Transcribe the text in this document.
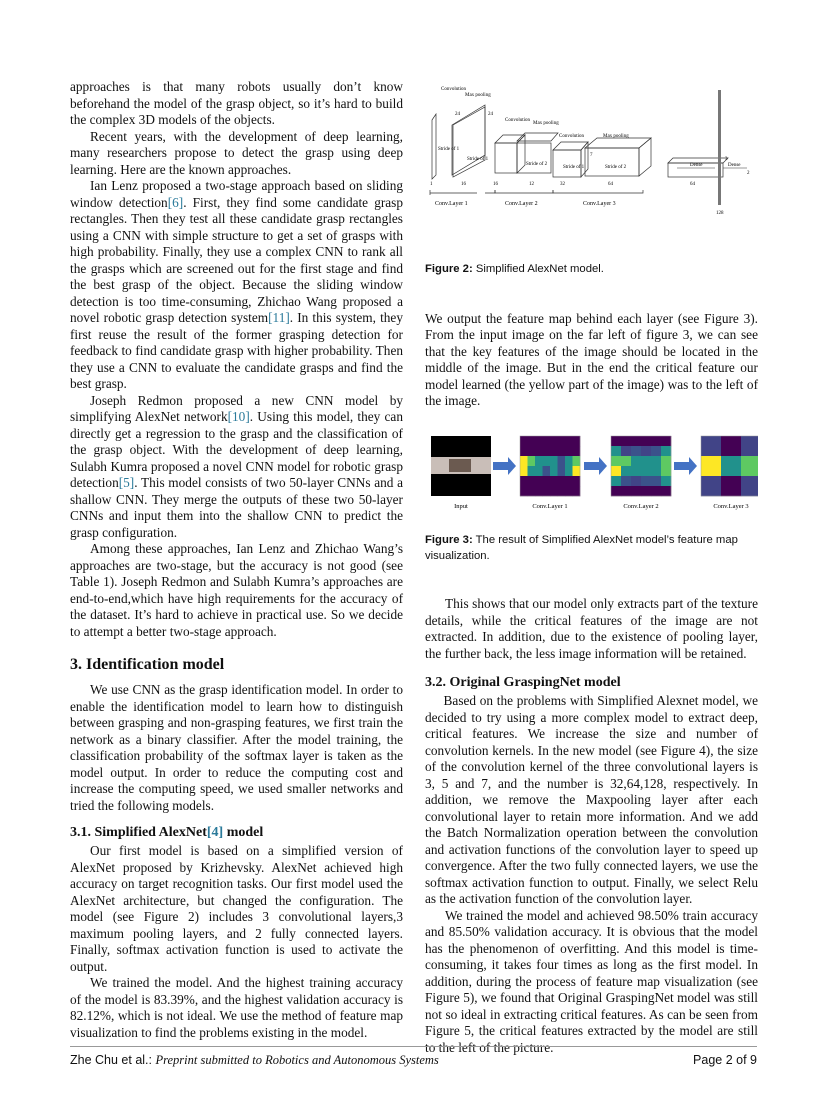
approaches is that many robots usually don’t know beforehand the model of the grasp object, so it’s hard to build the complex 3D models of the objects.

Recent years, with the development of deep learning, many researchers propose to detect the grasp using deep learning. Here are the known approaches.

Ian Lenz proposed a two-stage approach based on sliding window detection[6]. First, they find some candidate grasp rectangles. Then they test all these candidate grasp rectangles using a CNN with simple structure to get a set of grasps with high probability. Finally, they use a complex CNN to rank all the grasps which are screened out for the first stage and find the best grasp of the object. Because the sliding window detection is too time-consuming, Zhichao Wang proposed a novel robotic grasp detection system[11]. In this system, they first reuse the result of the former grasping detection for feedback to find candidate grasp with higher probability. Then they use a CNN to evaluate the candidate grasps and find the best grasp.

Joseph Redmon proposed a new CNN model by simplifying AlexNet network[10]. Using this model, they can directly get a regression to the grasp and the classification of the grasp object. With the development of deep learning, Sulabh Kumra proposed a novel CNN model for robotic grasp detection[5]. This model consists of two 50-layer CNNs and a shallow CNN. They merge the outputs of these two 50-layer CNNs and input them into the shallow CNN to predict the grasp configuration.

Among these approaches, Ian Lenz and Zhichao Wang’s approaches are two-stage, but the accuracy is not good (see Table 1). Joseph Redmon and Sulabh Kumra’s approaches are end-to-end,which have high requirements for the accuracy of the dataset. It’s hard to achieve in practical use. So we decide to attempt a better two-stage approach.

3. Identification model

We use CNN as the grasp identification model. In order to enable the identification model to learn how to distinguish between grasping and non-grasping features, we first train the network as a binary classifier. After the model training, the classification probability of the softmax layer is taken as the model output. In order to reduce the computing cost and increase the computing speed, we used smaller networks and tried the following models.

3.1. Simplified AlexNet[4] model

Our first model is based on a simplified version of AlexNet proposed by Krizhevsky. AlexNet achieved high accuracy on target recognition tasks. Our first model used the AlexNet architecture, but changed the configuration. The model (see Figure 2) includes 3 convolutional layers,3 maximum pooling layers, and 2 fully connected layers. Finally, softmax activation function is used to activate the output.

We trained the model. And the highest training accuracy of the model is 83.39%, and the highest validation accuracy is 82.12%, which is not ideal. We use the method of feature map visualization to find the problems existing in the model.

Convolution
Max pooling
Convolution
Max pooling
Convolution	Max pooling
Stride of 1
Stride of 1
Stride of 2
Stride of 1	Stride of 2
1	16
24	24
16	12	32	64	64
3
7
2
128
Dense	Dense
Conv.Layer 1	Conv.Layer 2	Conv.Layer 3
Figure 2: Simplified AlexNet model.

We output the feature map behind each layer (see Figure 3). From the input image on the far left of figure 3, we can see that the key features of the image should be located in the middle of the image. But in the end the critical feature our model learned (the yellow part of the image) was to the left of the image.

Input	Conv.Layer 1	Conv.Layer 2	Conv.Layer 3
Figure 3: The result of Simplified AlexNet model’s feature map visualization.

This shows that our model only extracts part of the texture details, while the critical features of the image are not extracted. In addition, due to the existence of pooling layer, the further back, the less image information will be retained.

3.2. Original GraspingNet model

Based on the problems with Simplified Alexnet model, we decided to try using a more complex model to extract deep, critical features. We increase the size and number of convolution kernels. In the new model (see Figure 4), the size of the convolution kernel of the three convolutional layers is 3, 5 and 7, and the number is 32,64,128, respectively. In addition, we remove the Maxpooling layer after each convolutional layer to retain more information. And we add the Batch Normalization operation between the convolution and activation functions of the convolution layer to speed up convergence. After the two fully connected layers, we use the softmax activation function to output. Finally, we select Relu as the activation function of the convolution layer.

We trained the model and achieved 98.50% train accuracy and 85.50% validation accuracy. It is obvious that the model has the phenomenon of overfitting. And this model is time-consuming, it takes four times as long as the first model. In addition, during the process of feature map visualization (see Figure 5), we found that Original GraspingNet model was still not so ideal in extracting critical features. As can be seen from Figure 5, the critical features extracted by the model are still to the left of the picture.

Zhe Chu et al.: Preprint submitted to Robotics and Autonomous Systems	Page 2 of 9
